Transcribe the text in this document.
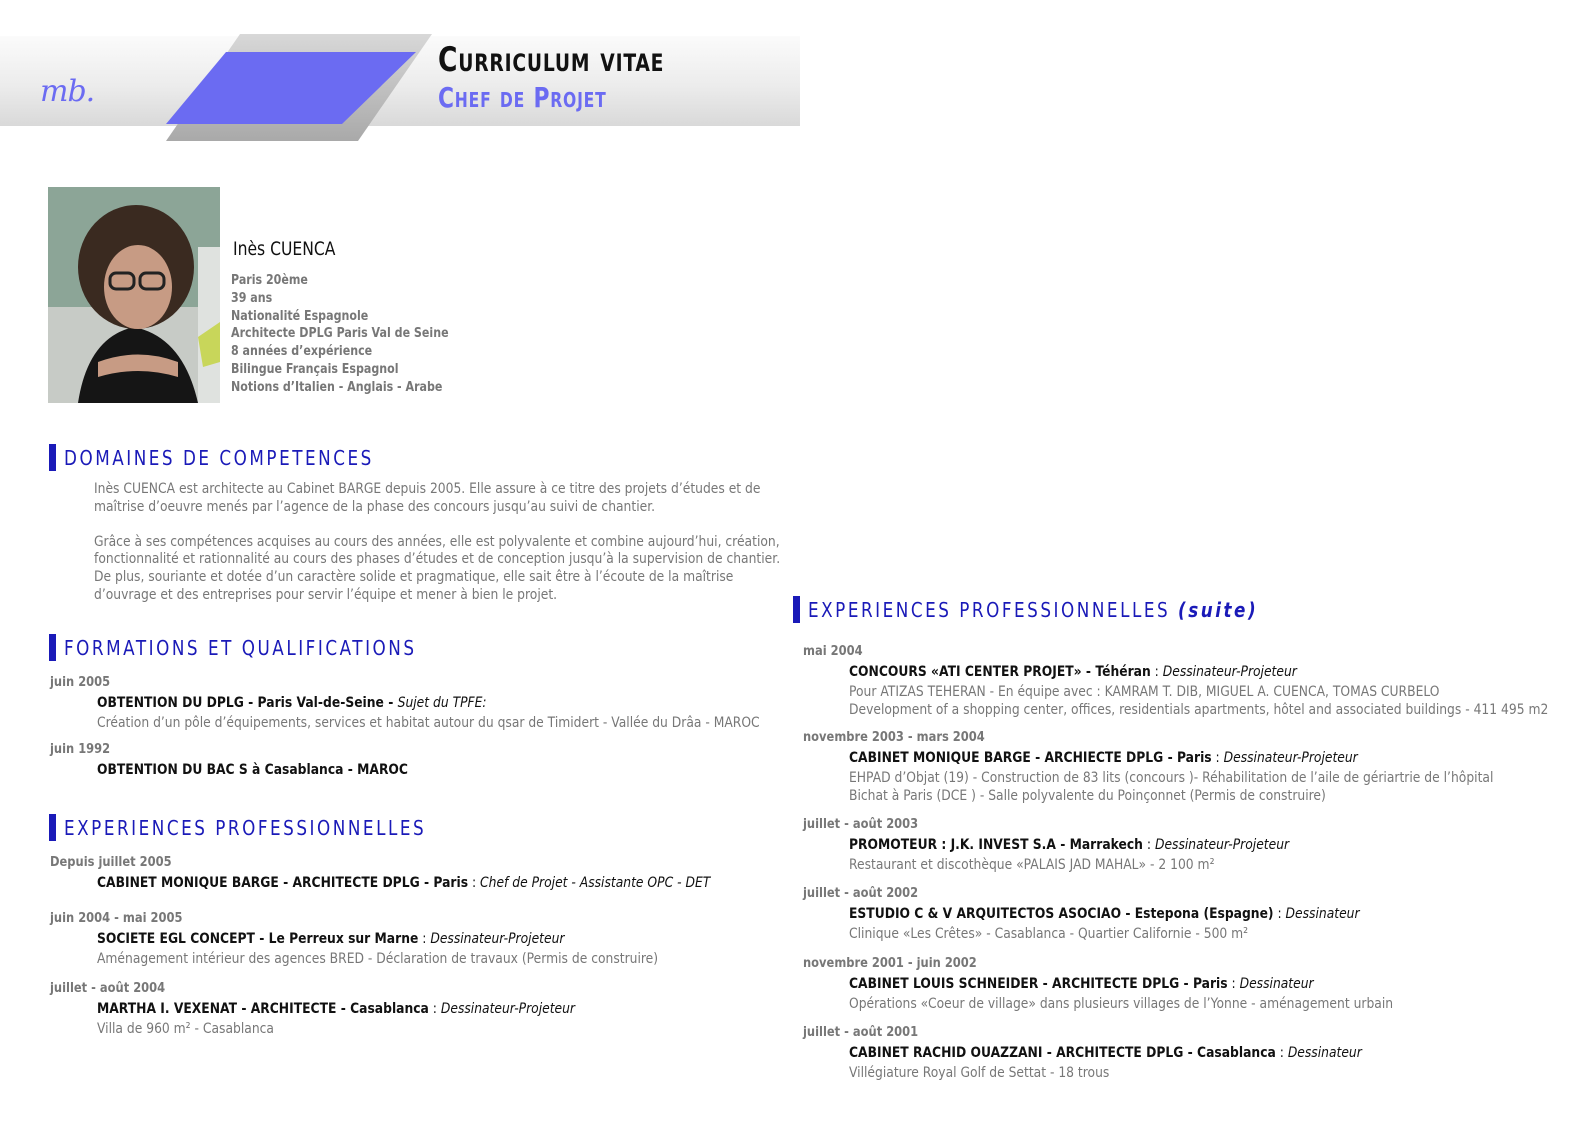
mb.
Curriculum vitae
Chef de Projet
Inès CUENCA
Paris 20ème
39 ans
Nationalité Espagnole
Architecte DPLG Paris Val de Seine
8 années d’expérience
Bilingue Français Espagnol
Notions d’Italien - Anglais - Arabe
DOMAINES DE COMPETENCES
Inès CUENCA est architecte au Cabinet BARGE depuis 2005. Elle assure à ce titre des projets d’études et de
maîtrise d’oeuvre menés par l’agence de la phase des concours jusqu’au suivi de chantier.
Grâce à ses compétences acquises au cours des années, elle est polyvalente et combine aujourd’hui, création,
fonctionnalité et rationnalité au cours des phases d’études et de conception jusqu’à la supervision de chantier.
De plus, souriante et dotée d’un caractère solide et pragmatique, elle sait être à l’écoute de la maîtrise
d’ouvrage et des entreprises pour servir l’équipe et mener à bien le projet.
FORMATIONS ET QUALIFICATIONS
juin 2005
OBTENTION DU DPLG - Paris Val-de-Seine - Sujet du TPFE:
Création d’un pôle d’équipements, services et habitat autour du qsar de Timidert - Vallée du Drâa - MAROC
juin 1992
OBTENTION DU BAC S à Casablanca - MAROC
EXPERIENCES PROFESSIONNELLES
Depuis juillet 2005
CABINET MONIQUE BARGE - ARCHITECTE DPLG - Paris : Chef de Projet - Assistante OPC - DET
juin 2004 - mai 2005
SOCIETE EGL CONCEPT - Le Perreux sur Marne : Dessinateur-Projeteur
Aménagement intérieur des agences BRED - Déclaration de travaux (Permis de construire)
juillet - août 2004
MARTHA I. VEXENAT - ARCHITECTE - Casablanca : Dessinateur-Projeteur
Villa de 960 m² - Casablanca
EXPERIENCES PROFESSIONNELLES (suite)
mai 2004
CONCOURS «ATI CENTER PROJET» - Téhéran : Dessinateur-Projeteur
Pour ATIZAS TEHERAN - En équipe avec : KAMRAM T. DIB, MIGUEL A. CUENCA, TOMAS CURBELO
Development of a shopping center, offices, residentials apartments, hôtel and associated buildings - 411 495 m2
novembre 2003 - mars 2004
CABINET MONIQUE BARGE - ARCHIECTE DPLG - Paris : Dessinateur-Projeteur
EHPAD d’Objat (19) - Construction de 83 lits (concours )- Réhabilitation de l’aile de gériartrie de l’hôpital
Bichat à Paris (DCE ) - Salle polyvalente du Poinçonnet (Permis de construire)
juillet - août 2003
PROMOTEUR : J.K. INVEST S.A - Marrakech : Dessinateur-Projeteur
Restaurant et discothèque «PALAIS JAD MAHAL» - 2 100 m²
juillet - août 2002
ESTUDIO C & V ARQUITECTOS ASOCIAO - Estepona (Espagne) : Dessinateur
Clinique «Les Crêtes» - Casablanca - Quartier Californie - 500 m²
novembre 2001 - juin 2002
CABINET LOUIS SCHNEIDER - ARCHITECTE DPLG - Paris : Dessinateur
Opérations «Coeur de village» dans plusieurs villages de l’Yonne - aménagement urbain
juillet - août 2001
CABINET RACHID OUAZZANI - ARCHITECTE DPLG - Casablanca : Dessinateur
Villégiature Royal Golf de Settat - 18 trous
